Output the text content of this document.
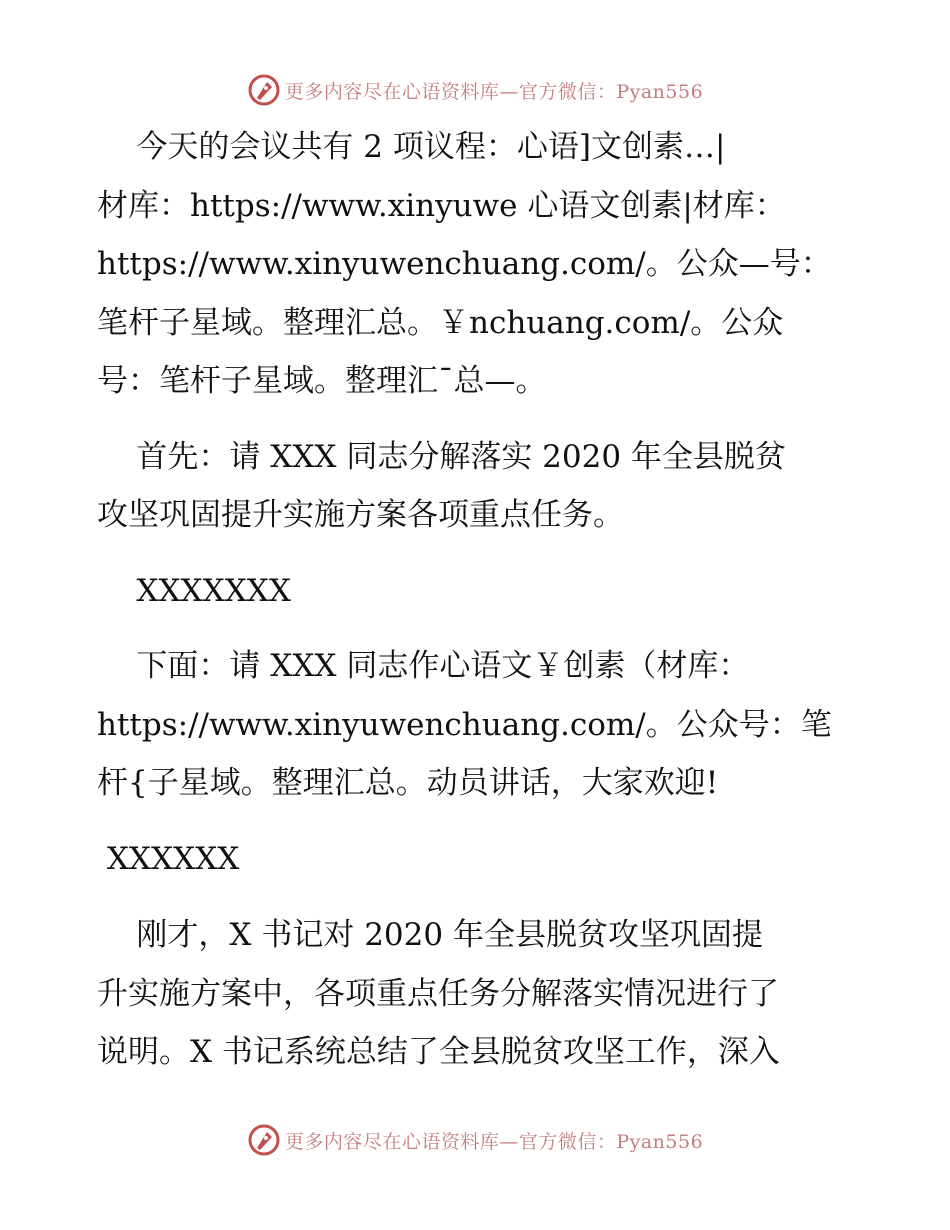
更多内容尽在心语资料库—官方微信：Pyan556

今天的会议共有 2 项议程：心语]文创素…|

材库：https://www.xinyuwe 心语文创素|材库：

https://www.xinyuwenchuang.com/。公众—号：

笔杆子星域。整理汇总。￥nchuang.com/。公众

号：笔杆子星域。整理汇¯总—。

首先：请 XXX 同志分解落实 2020 年全县脱贫

攻坚巩固提升实施方案各项重点任务。

XXXXXXX

下面：请 XXX 同志作心语文￥创素（材库：

https://www.xinyuwenchuang.com/。公众号：笔

杆{子星域。整理汇总。动员讲话，大家欢迎!

XXXXXX

刚才，X 书记对 2020 年全县脱贫攻坚巩固提

升实施方案中，各项重点任务分解落实情况进行了

说明。X 书记系统总结了全县脱贫攻坚工作，深入

更多内容尽在心语资料库—官方微信：Pyan556
